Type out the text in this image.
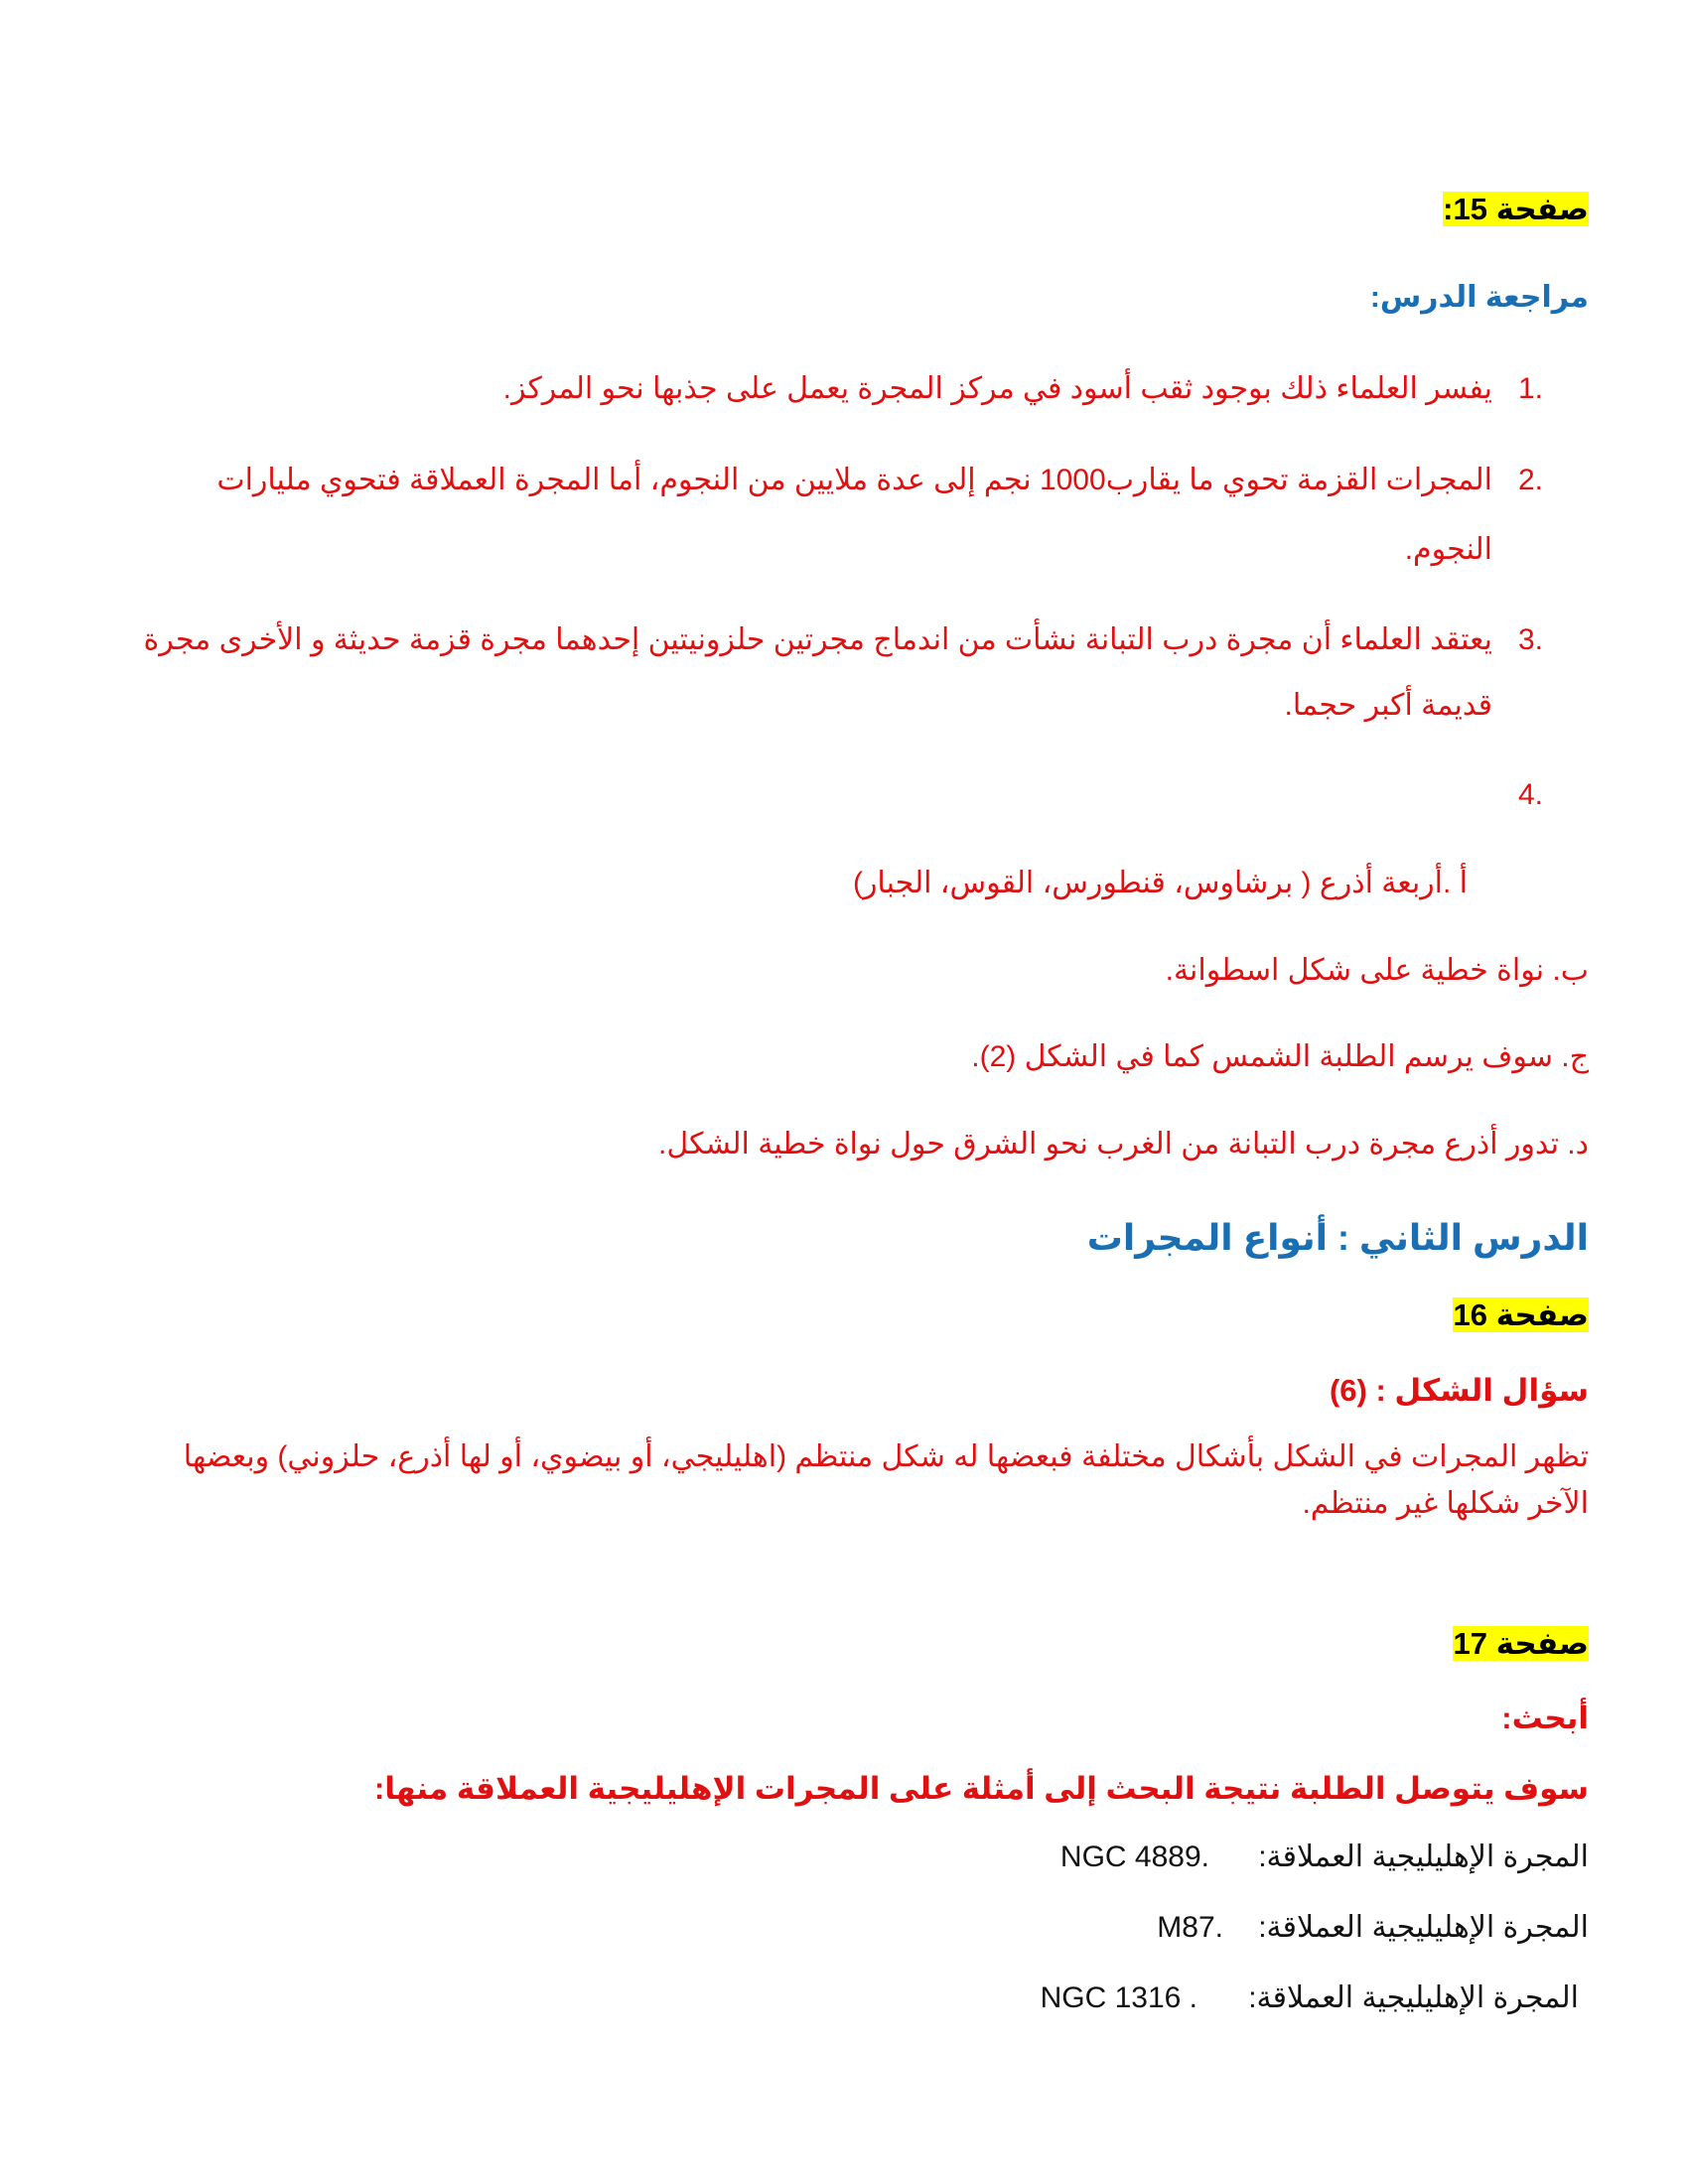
صفحة 15:
مراجعة الدرس:
يفسر العلماء ذلك بوجود ثقب أسود في مركز المجرة يعمل على جذبها نحو المركز. 1.
المجرات القزمة تحوي ما يقارب1000 نجم إلى عدة ملايين من النجوم، أما المجرة العملاقة فتحوي مليارات 2.
النجوم.
يعتقد العلماء أن مجرة درب التبانة نشأت من اندماج مجرتين حلزونيتين إحدهما مجرة قزمة حديثة و الأخرى مجرة 3.
قديمة أكبر حجما.
4.
أ .أربعة أذرع ( برشاوس، قنطورس، القوس، الجبار)
ب. نواة خطية على شكل اسطوانة.
ج. سوف يرسم الطلبة الشمس كما في الشكل (2).
د. تدور أذرع مجرة درب التبانة من الغرب نحو الشرق حول نواة خطية الشكل.
الدرس الثاني : أنواع المجرات
صفحة 16
سؤال الشكل : (6)
تظهر المجرات في الشكل بأشكال مختلفة فبعضها له شكل منتظم (اهليليجي، أو بيضوي، أو لها أذرع، حلزوني) وبعضها
الآخر شكلها غير منتظم.
صفحة 17
أبحث:
سوف يتوصل الطلبة نتيجة البحث إلى أمثلة على المجرات الإهليليجية العملاقة منها:
المجرة الإهليليجية العملاقة:
NGC 4889.
المجرة الإهليليجية العملاقة:
M87.
المجرة الإهليليجية العملاقة:
NGC 1316 .
